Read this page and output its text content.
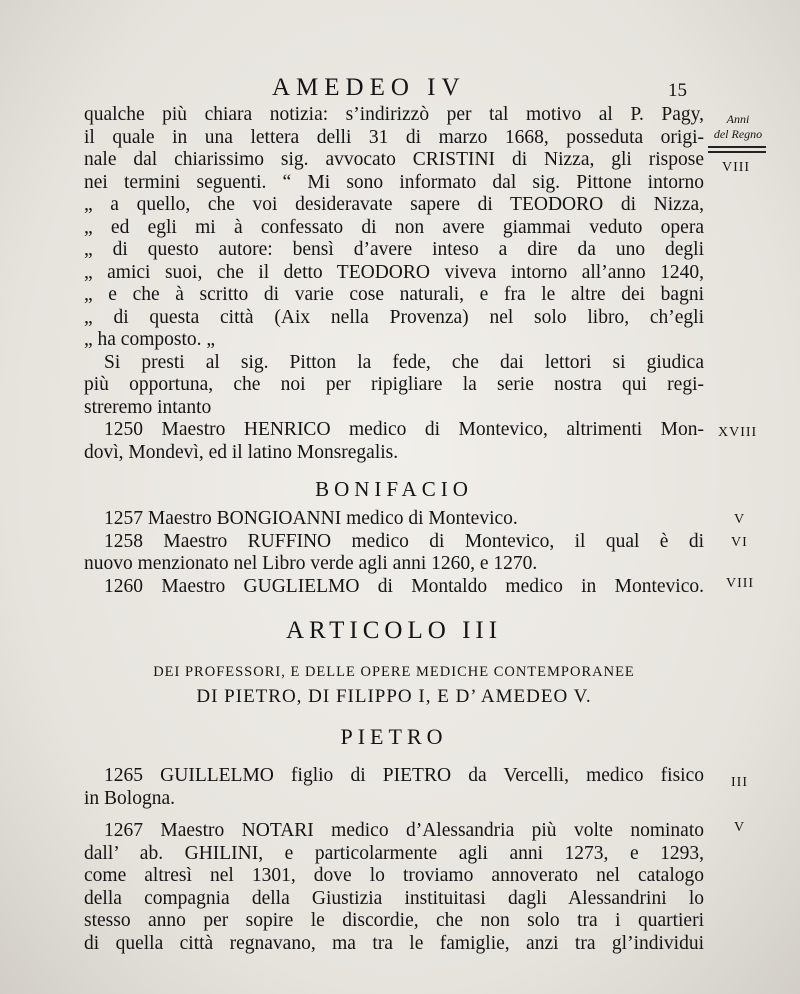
AMEDEO IV	15
Anni
del Regno
VIII
XVIII
V
VI
VIII
III
V
qualche più chiara notizia: s’indirizzò per tal motivo al P. Pagy,
il quale in una lettera delli 31 di marzo 1668, posseduta origi-
nale dal chiarissimo sig. avvocato CRISTINI di Nizza, gli rispose
nei termini seguenti. “ Mi sono informato dal sig. Pittone intorno
„ a quello, che voi desideravate sapere di TEODORO di Nizza,
„ ed egli mi à confessato di non avere giammai veduto opera
„ di questo autore: bensì d’avere inteso a dire da uno degli
„ amici suoi, che il detto TEODORO viveva intorno all’anno 1240,
„ e che à scritto di varie cose naturali, e fra le altre dei bagni
„ di questa città (Aix nella Provenza) nel solo libro, ch’egli
„ ha composto. „
Si presti al sig. Pitton la fede, che dai lettori si giudica
più opportuna, che noi per ripigliare la serie nostra qui regi-
streremo intanto
1250 Maestro HENRICO medico di Montevico, altrimenti Mon-
dovì, Mondevì, ed il latino Monsregalis.
BONIFACIO
1257 Maestro BONGIOANNI medico di Montevico.
1258 Maestro RUFFINO medico di Montevico, il qual è di
nuovo menzionato nel Libro verde agli anni 1260, e 1270.
1260 Maestro GUGLIELMO di Montaldo medico in Montevico.
ARTICOLO III
DEI PROFESSORI, E DELLE OPERE MEDICHE CONTEMPORANEE
DI PIETRO, DI FILIPPO I, E D’ AMEDEO V.
PIETRO
1265 GUILLELMO figlio di PIETRO da Vercelli, medico fisico
in Bologna.
1267 Maestro NOTARI medico d’Alessandria più volte nominato
dall’ ab. GHILINI, e particolarmente agli anni 1273, e 1293,
come altresì nel 1301, dove lo troviamo annoverato nel catalogo
della compagnia della Giustizia instituitasi dagli Alessandrini lo
stesso anno per sopire le discordie, che non solo tra i quartieri
di quella città regnavano, ma tra le famiglie, anzi tra gl’individui
